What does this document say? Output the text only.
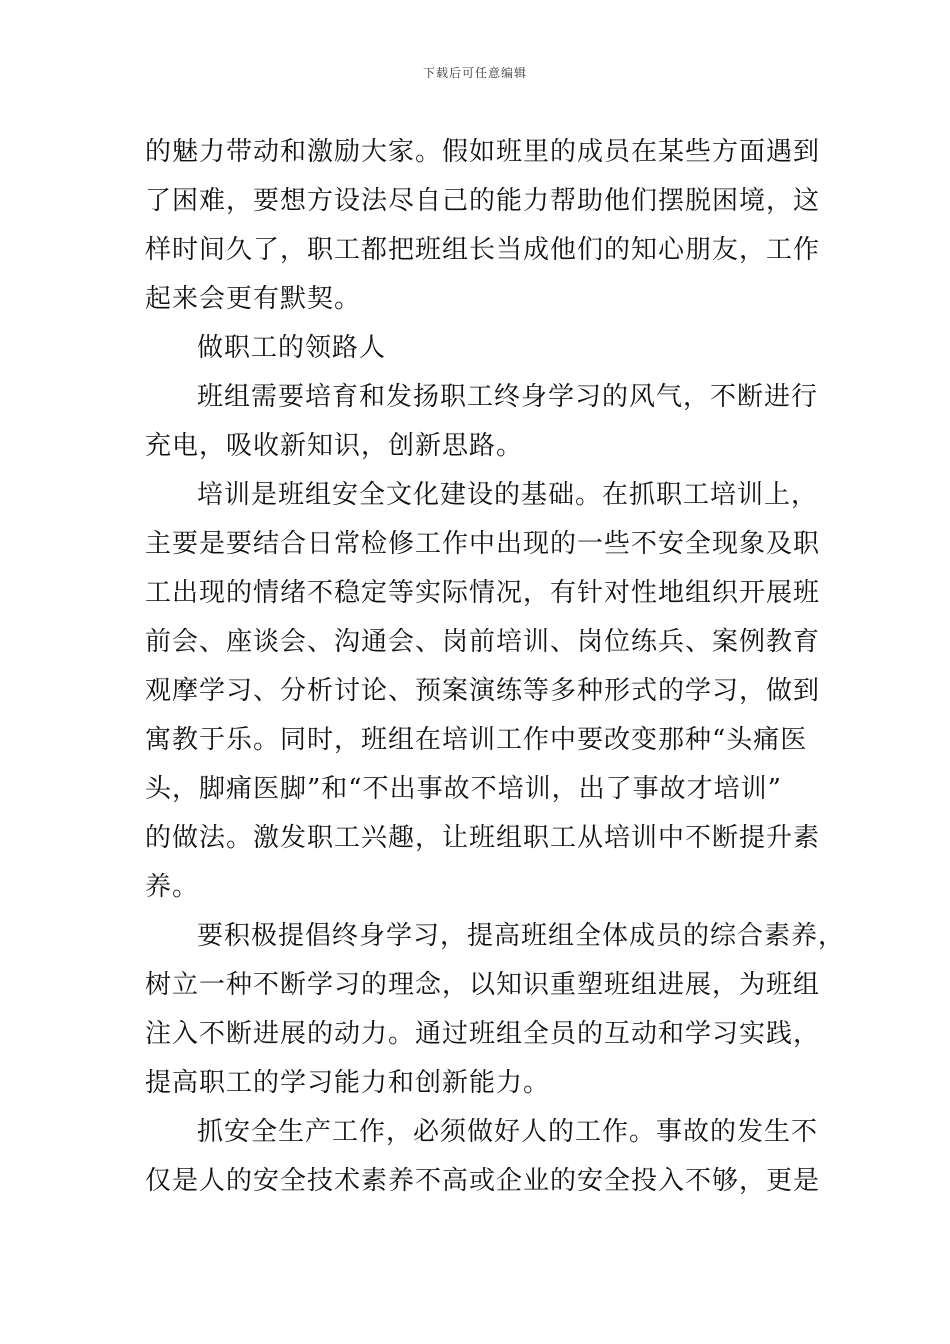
下载后可任意编辑
的魅力带动和激励大家。假如班里的成员在某些方面遇到
了困难，要想方设法尽自己的能力帮助他们摆脱困境，这
样时间久了，职工都把班组长当成他们的知心朋友，工作
起来会更有默契。
做职工的领路人
班组需要培育和发扬职工终身学习的风气，不断进行
充电，吸收新知识，创新思路。
培训是班组安全文化建设的基础。在抓职工培训上，
主要是要结合日常检修工作中出现的一些不安全现象及职
工出现的情绪不稳定等实际情况，有针对性地组织开展班
前会、座谈会、沟通会、岗前培训、岗位练兵、案例教育
观摩学习、分析讨论、预案演练等多种形式的学习，做到
寓教于乐。同时，班组在培训工作中要改变那种“头痛医
头，脚痛医脚”和“不出事故不培训，出了事故才培训”
的做法。激发职工兴趣，让班组职工从培训中不断提升素
养。
要积极提倡终身学习，提高班组全体成员的综合素养，
树立一种不断学习的理念，以知识重塑班组进展，为班组
注入不断进展的动力。通过班组全员的互动和学习实践，
提高职工的学习能力和创新能力。
抓安全生产工作，必须做好人的工作。事故的发生不
仅是人的安全技术素养不高或企业的安全投入不够，更是
